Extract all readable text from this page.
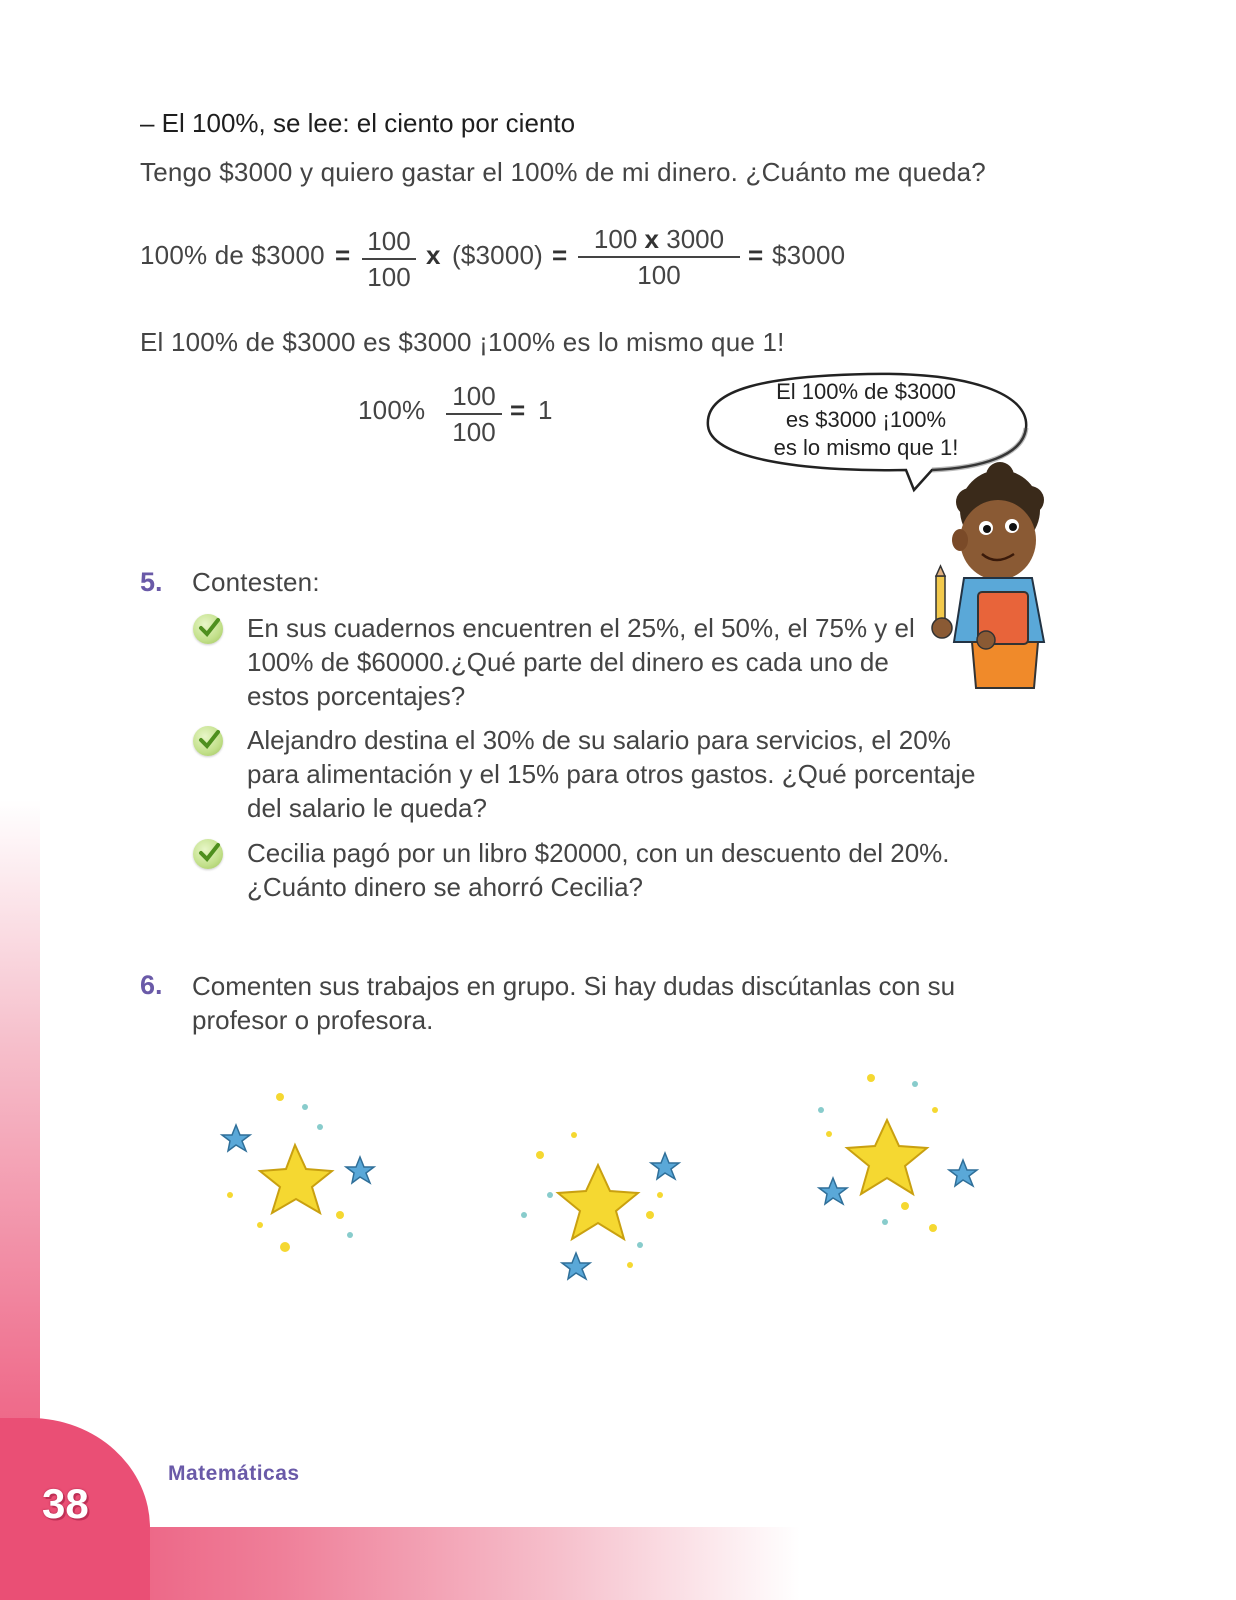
– El 100%, se lee: el ciento por ciento
Tengo $3000 y quiero gastar el 100% de mi dinero. ¿Cuánto me queda?
100% de $3000 = 100
100
x ($3000) =
100 x 3000
100
= $3000
El 100% de $3000 es $3000 ¡100% es lo mismo que 1!
100% 100
100
= 1
El 100% de $3000
es $3000 ¡100%
es lo mismo que 1!
5. Contesten:
En sus cuadernos encuentren el 25%, el 50%, el 75% y el
100% de $60000.¿Qué parte del dinero es cada uno de
estos porcentajes?
Alejandro destina el 30% de su salario para servicios, el 20%
para alimentación y el 15% para otros gastos. ¿Qué porcentaje
del salario le queda?
Cecilia pagó por un libro $20000, con un descuento del 20%.
¿Cuánto dinero se ahorró Cecilia?
6. Comenten sus trabajos en grupo. Si hay dudas discútanlas con su
profesor o profesora.
38
Matemáticas
